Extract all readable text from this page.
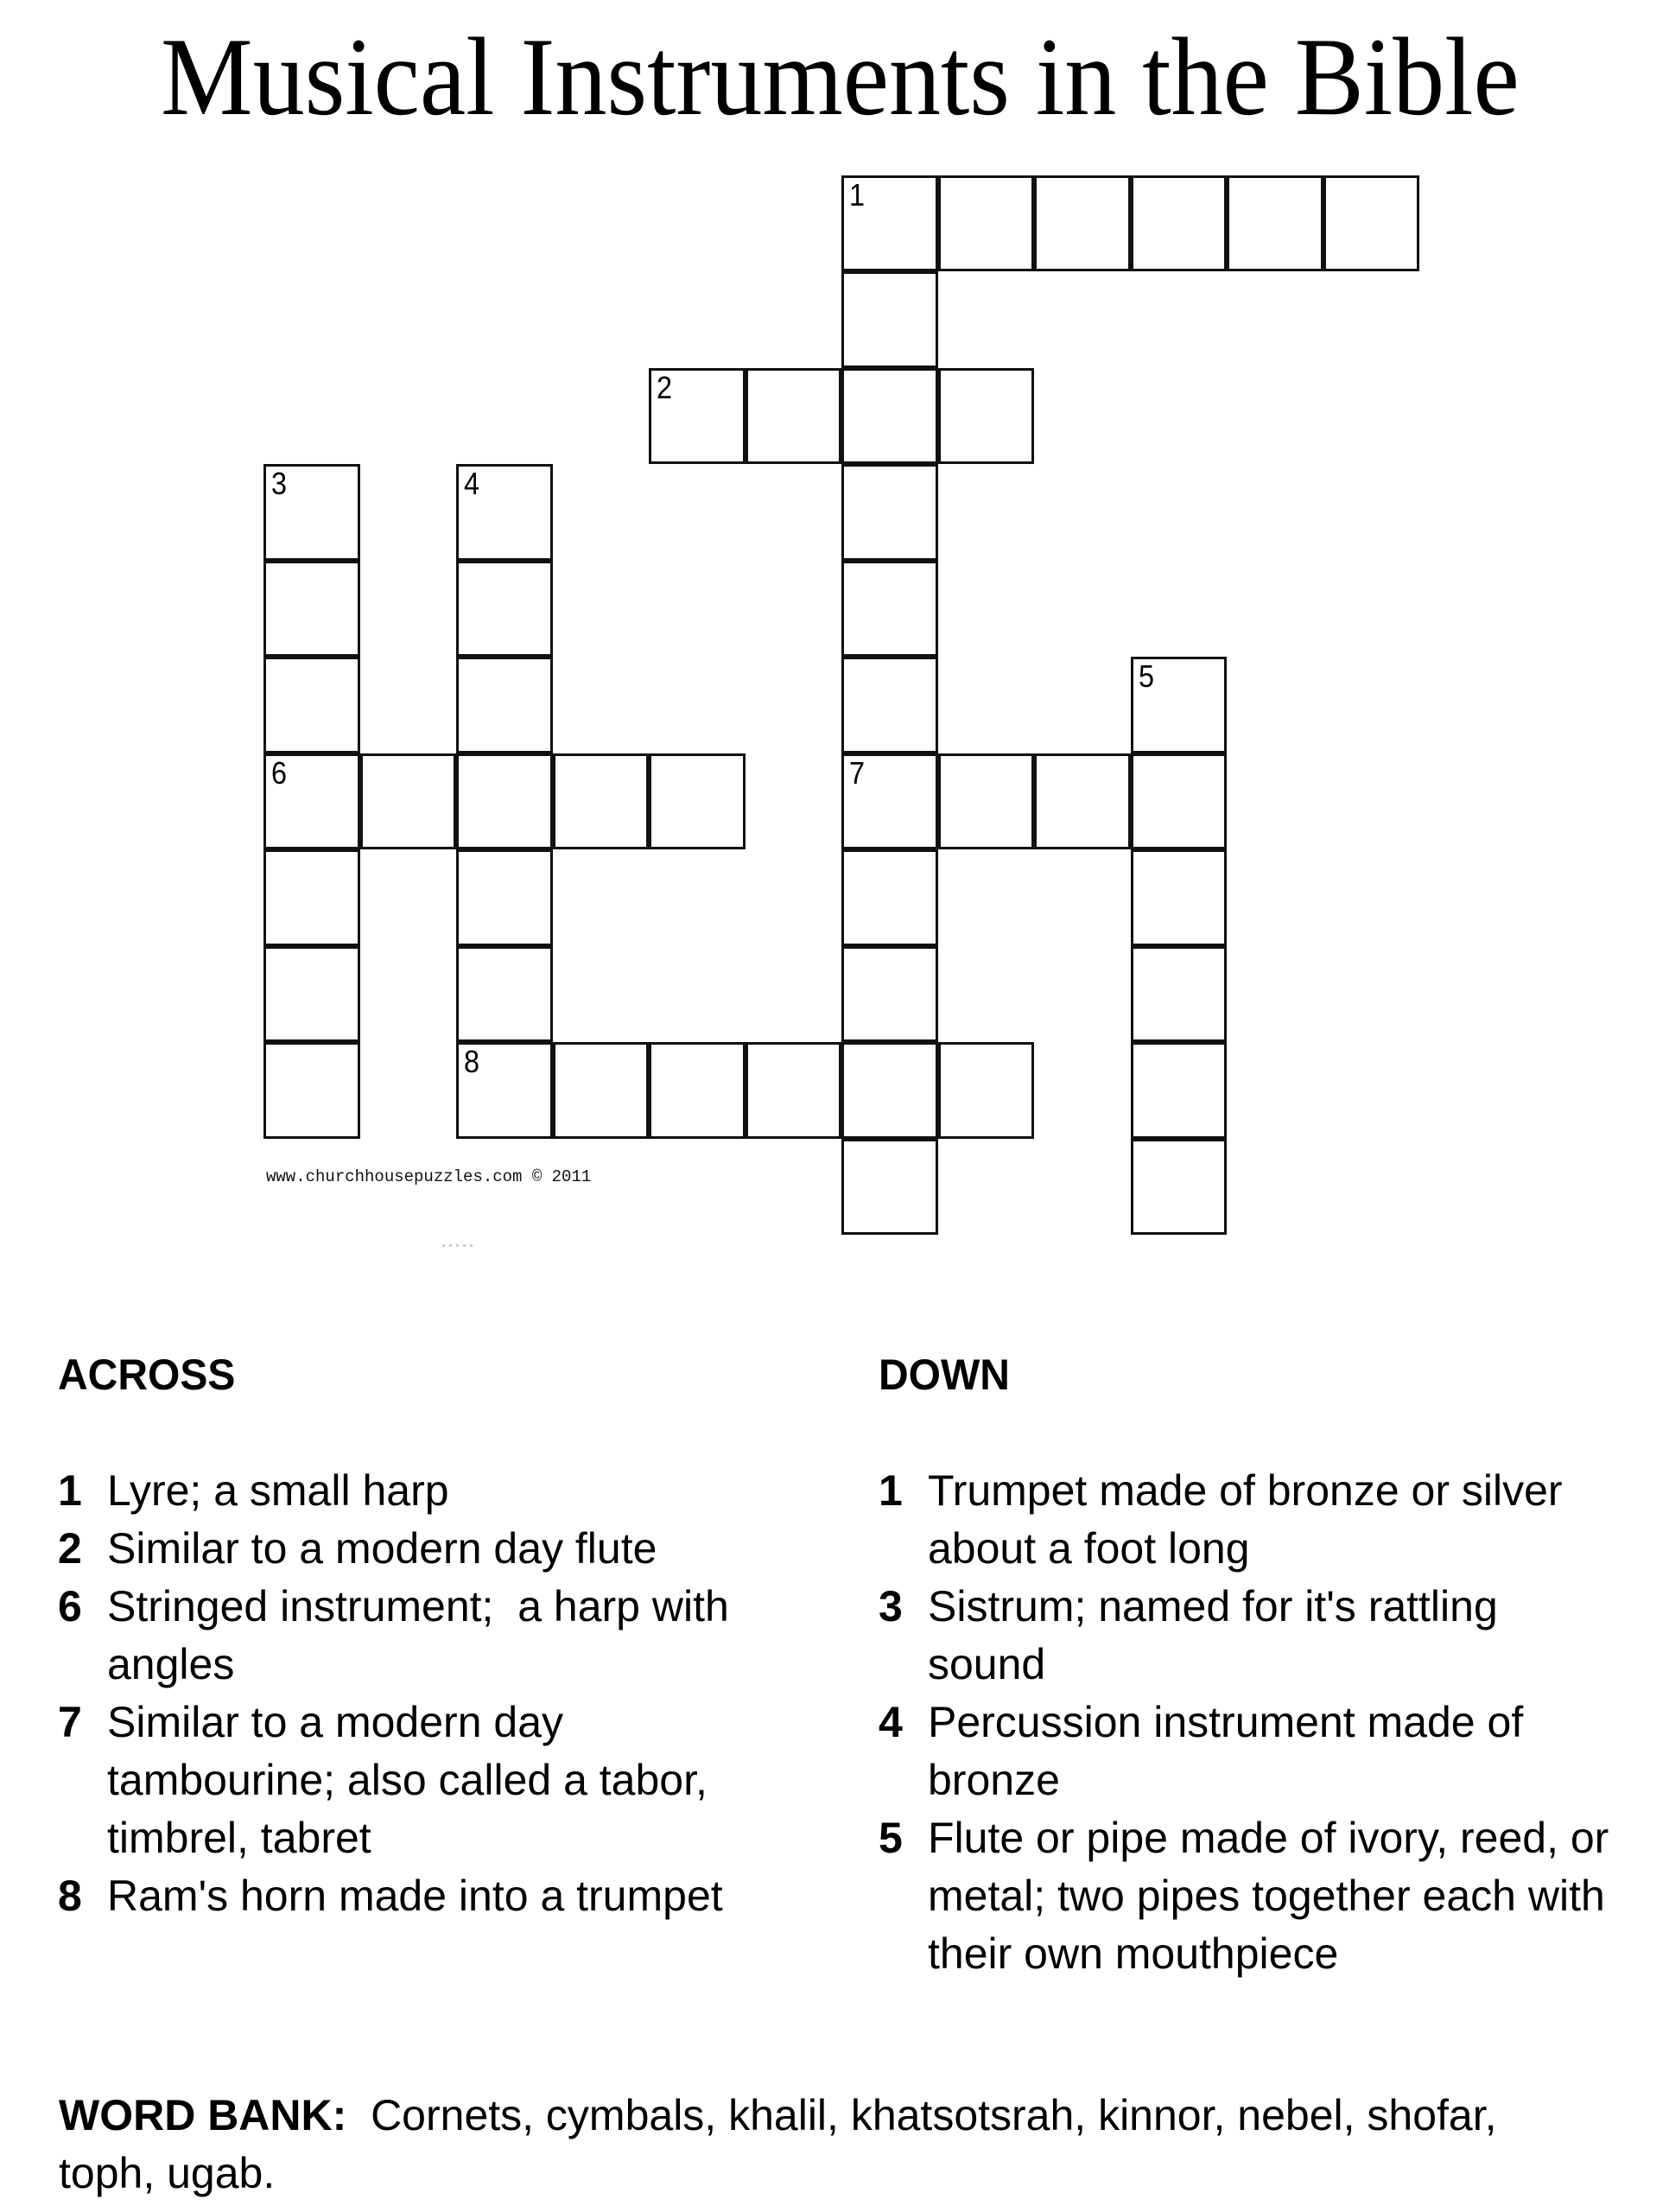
Musical Instruments in the Bible
1
7
2
3
6
4
8
5
www.churchhousepuzzles.com © 2011
ACROSS
1 Lyre; a small harp
2 Similar to a modern day flute
6 Stringed instrument;  a harp with angles
7 Similar to a modern day tambourine; also called a tabor, timbrel, tabret
8 Ram's horn made into a trumpet
DOWN
1 Trumpet made of bronze or silver about a foot long
3 Sistrum; named for it's rattling sound
4 Percussion instrument made of bronze
5 Flute or pipe made of ivory, reed, or metal; two pipes together each with their own mouthpiece
WORD BANK: Cornets, cymbals, khalil, khatsotsrah, kinnor, nebel, shofar, toph, ugab.
